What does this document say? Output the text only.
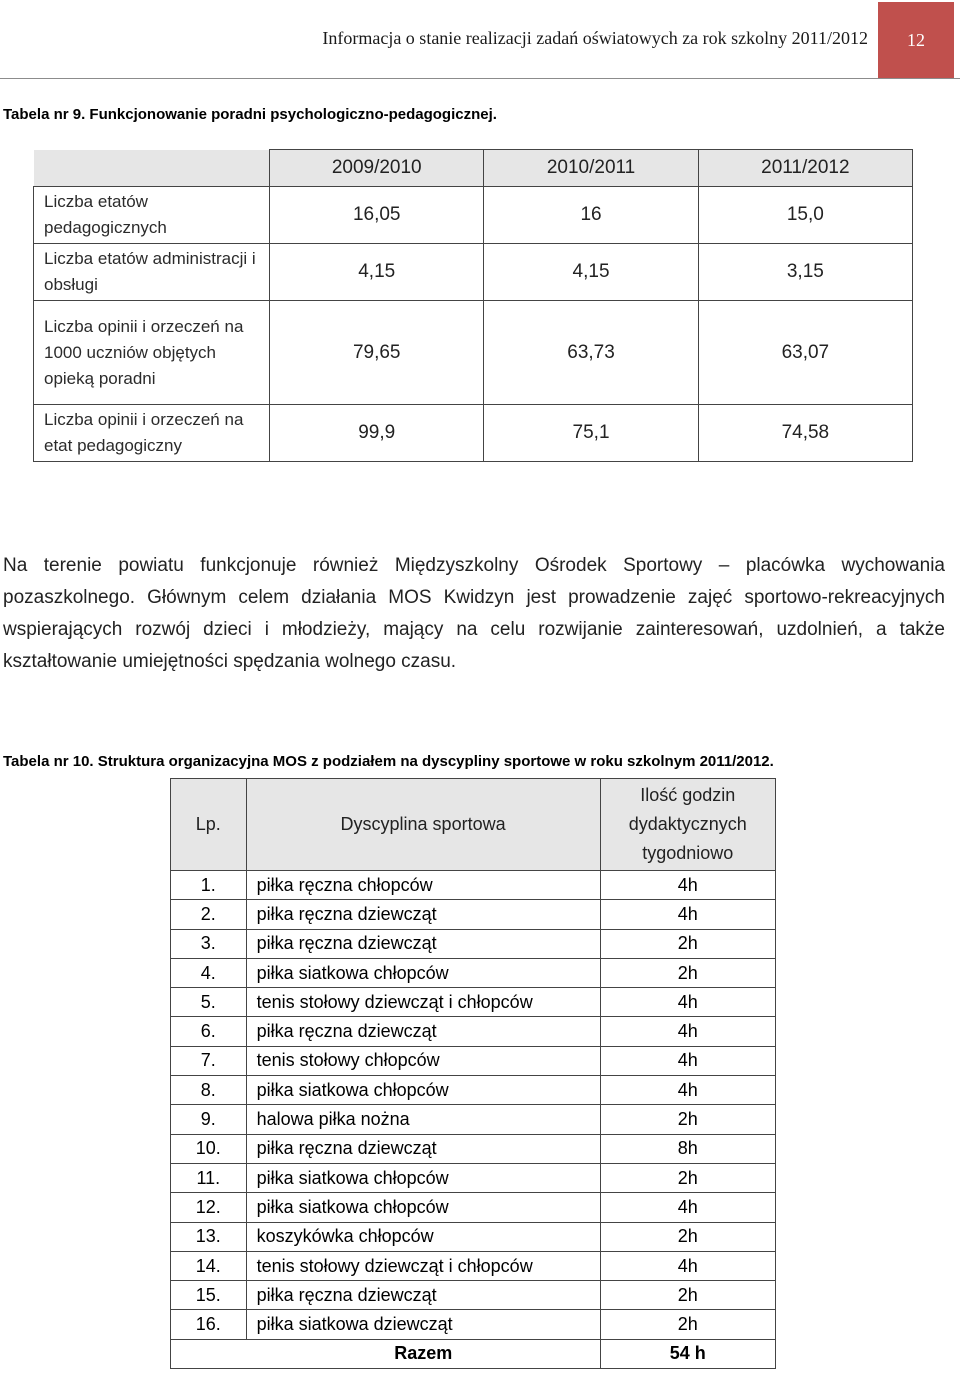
Informacja o stanie realizacji zadań oświatowych za rok szkolny 2011/2012	12
Tabela nr 9. Funkcjonowanie poradni psychologiczno-pedagogicznej.
	2009/2010	2010/2011	2011/2012
Liczba etatów pedagogicznych	16,05	16	15,0
Liczba etatów administracji i obsługi	4,15	4,15	3,15
Liczba opinii i orzeczeń na 1000 uczniów objętych opieką poradni	79,65	63,73	63,07
Liczba opinii i orzeczeń na etat pedagogiczny	99,9	75,1	74,58
Na terenie powiatu funkcjonuje również Międzyszkolny Ośrodek Sportowy – placówka wychowania pozaszkolnego. Głównym celem działania MOS Kwidzyn jest prowadzenie zajęć sportowo-rekreacyjnych wspierających rozwój dzieci i młodzieży, mający na celu rozwijanie zainteresowań, uzdolnień, a także kształtowanie umiejętności spędzania wolnego czasu.
Tabela nr 10. Struktura organizacyjna MOS z podziałem na dyscypliny sportowe w roku szkolnym 2011/2012.
Lp.	Dyscyplina sportowa	Ilość godzin dydaktycznych tygodniowo
1.	piłka ręczna chłopców	4h
2.	piłka ręczna dziewcząt	4h
3.	piłka ręczna dziewcząt	2h
4.	piłka siatkowa chłopców	2h
5.	tenis stołowy dziewcząt i chłopców	4h
6.	piłka ręczna dziewcząt	4h
7.	tenis stołowy chłopców	4h
8.	piłka siatkowa chłopców	4h
9.	halowa piłka nożna	2h
10.	piłka ręczna dziewcząt	8h
11.	piłka siatkowa chłopców	2h
12.	piłka siatkowa chłopców	4h
13.	koszykówka chłopców	2h
14.	tenis stołowy dziewcząt i chłopców	4h
15.	piłka ręczna dziewcząt	2h
16.	piłka siatkowa dziewcząt	2h
Razem		54 h
